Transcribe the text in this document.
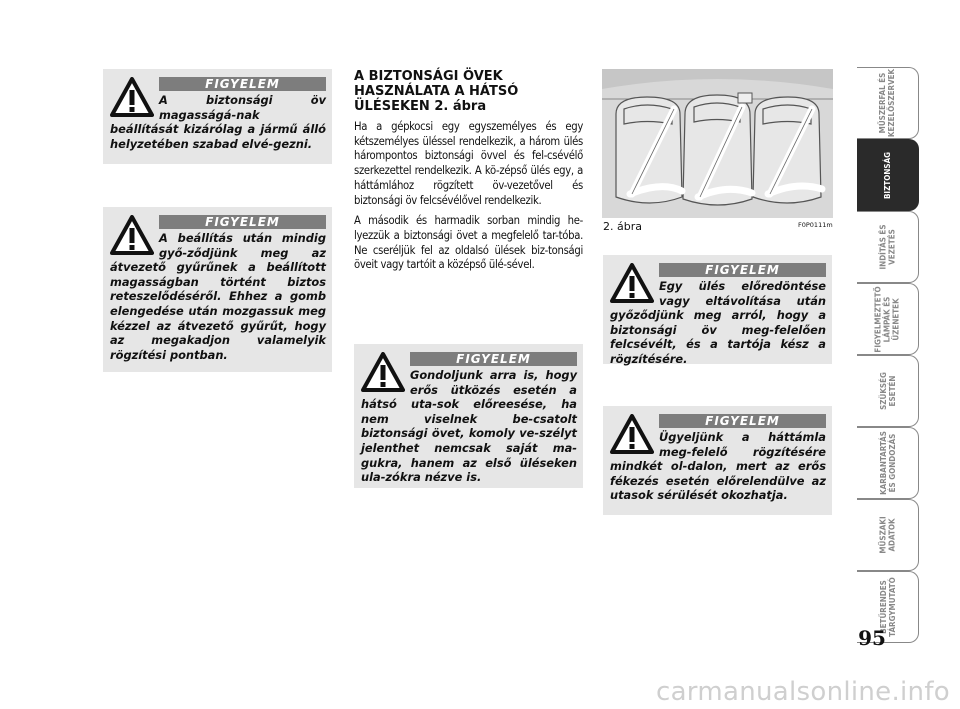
FIGYELEM
A biztonsági öv magasságá-nak beállítását kizárólag a jármű álló helyzetében szabad elvé-gezni.
FIGYELEM
A beállítás után mindig győ-ződjünk meg az átvezető gyűrűnek a beállított magasságban történt biztos reteszelődéséről. Ehhez a gomb elengedése után mozgassuk meg kézzel az átvezető gyűrűt, hogy az megakadjon valamelyik rögzítési pontban.
A BIZTONSÁGI ÖVEK HASZNÁLATA A HÁTSÓ ÜLÉSEKEN 2. ábra

Ha a gépkocsi egy egyszemélyes és egy kétszemélyes üléssel rendelkezik, a három ülés hárompontos biztonsági övvel és fel-csévélő szerkezettel rendelkezik. A kö-zépső ülés egy, a háttámlához rögzített öv-vezetővel és biztonsági öv felcsévélővel rendelkezik.

A második és harmadik sorban mindig he-lyezzük a biztonsági övet a megfelelő tar-tóba. Ne cseréljük fel az oldalsó ülések biz-tonsági öveit vagy tartóit a középső ülé-sével.

FIGYELEM
Gondoljunk arra is, hogy erős ütközés esetén a hátsó uta-sok előreesése, ha nem viselnek be-csatolt biztonsági övet, komoly ve-szélyt jelenthet nemcsak saját ma-gukra, hanem az első üléseken ula-zókra nézve is.
2. ábra	F0P0111m
FIGYELEM
Egy ülés előredöntése vagy eltávolítása után győződjünk meg arról, hogy a biztonsági öv meg-felelően felcsévélt, és a tartója kész a rögzítésére.
FIGYELEM
Ügyeljünk a háttámla meg-felelő rögzítésére mindkét ol-dalon, mert az erős fékezés esetén előrelendülve az utasok sérülését okozhatja.
MŰSZERFAL ÉS
KEZELŐSZERVEK
BIZTONSÁG
INDÍTÁS ÉS
VEZETÉS
FIGYELMEZTETŐ
LÁMPÁK ÉS
ÜZENETEK
SZÜKSÉG
ESETÉN
KARBANTARTÁS
ÉS GONDOZÁS
MŰSZAKI
ADATOK
BETŰRENDES
TÁRGYMUTATÓ
95
carmanualsonline.info
